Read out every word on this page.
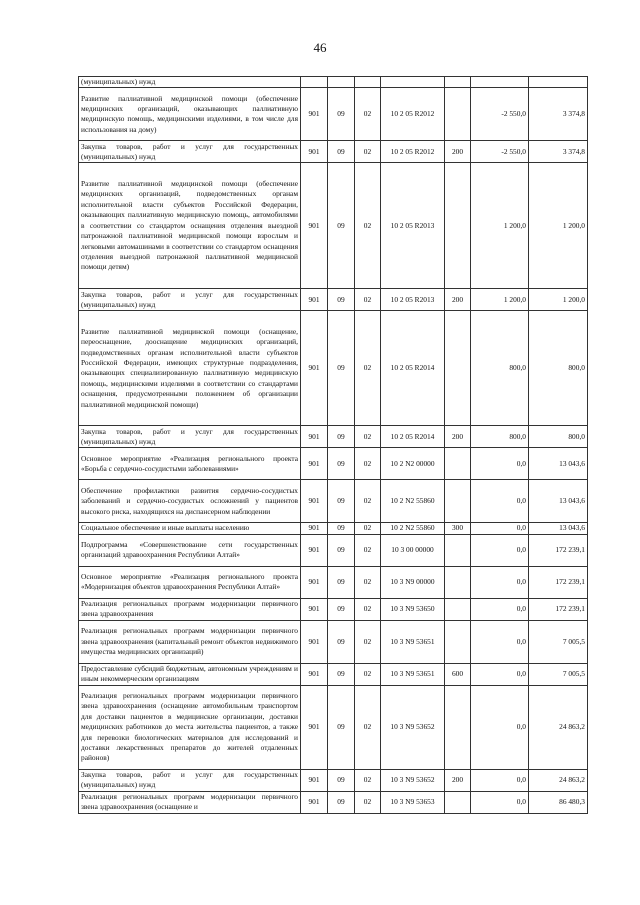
46
(муниципальных) нужд							
Развитие паллиативной медицинской помощи (обеспечение медицинских организаций, оказывающих паллиативную медицинскую помощь, медицинскими изделиями, в том числе для использования на дому)	901	09	02	10 2 05 R2012		-2 550,0	3 374,8
Закупка товаров, работ и услуг для государственных (муниципальных) нужд	901	09	02	10 2 05 R2012	200	-2 550,0	3 374,8
Развитие паллиативной медицинской помощи (обеспечение медицинских организаций, подведомственных органам исполнительной власти субъектов Российской Федерации, оказывающих паллиативную медицинскую помощь, автомобилями в соответствии со стандартом оснащения отделения выездной патронажной паллиативной медицинской помощи взрослым и легковыми автомашинами в соответствии со стандартом оснащения отделения выездной патронажной паллиативной медицинской помощи детям)	901	09	02	10 2 05 R2013		1 200,0	1 200,0
Закупка товаров, работ и услуг для государственных (муниципальных) нужд	901	09	02	10 2 05 R2013	200	1 200,0	1 200,0
Развитие паллиативной медицинской помощи (оснащение, переоснащение, дооснащение медицинских организаций, подведомственных органам исполнительной власти субъектов Российской Федерации, имеющих структурные подразделения, оказывающих специализированную паллиативную медицинскую помощь, медицинскими изделиями в соответствии со стандартами оснащения, предусмотренными положением об организации паллиативной медицинской помощи)	901	09	02	10 2 05 R2014		800,0	800,0
Закупка товаров, работ и услуг для государственных (муниципальных) нужд	901	09	02	10 2 05 R2014	200	800,0	800,0
Основное мероприятие «Реализация регионального проекта «Борьба с сердечно-сосудистыми заболеваниями»	901	09	02	10 2 N2 00000		0,0	13 043,6
Обеспечение профилактики развития сердечно-сосудистых заболеваний и сердечно-сосудистых осложнений у пациентов высокого риска, находящихся на диспансерном наблюдении	901	09	02	10 2 N2 55860		0,0	13 043,6
Социальное обеспечение и иные выплаты населению	901	09	02	10 2 N2 55860	300	0,0	13 043,6
Подпрограмма «Совершенствование сети государственных организаций здравоохранения Республики Алтай»	901	09	02	10 3 00 00000		0,0	172 239,1
Основное мероприятие «Реализация регионального проекта «Модернизация объектов здравоохранения Республики Алтай»	901	09	02	10 3 N9 00000		0,0	172 239,1
Реализация региональных программ модернизации первичного звена здравоохранения	901	09	02	10 3 N9 53650		0,0	172 239,1
Реализация региональных программ модернизации первичного звена здравоохранения (капитальный ремонт объектов недвижимого имущества медицинских организаций)	901	09	02	10 3 N9 53651		0,0	7 005,5
Предоставление субсидий бюджетным, автономным учреждениям и иным некоммерческим организациям	901	09	02	10 3 N9 53651	600	0,0	7 005,5
Реализация региональных программ модернизации первичного звена здравоохранения (оснащение автомобильным транспортом для доставки пациентов в медицинские организации, доставки медицинских работников до места жительства пациентов, а также для перевозки биологических материалов для исследований и доставки лекарственных препаратов до жителей отдаленных районов)	901	09	02	10 3 N9 53652		0,0	24 863,2
Закупка товаров, работ и услуг для государственных (муниципальных) нужд	901	09	02	10 3 N9 53652	200	0,0	24 863,2
Реализация региональных программ модернизации первичного звена здравоохранения (оснащение и	901	09	02	10 3 N9 53653		0,0	86 480,3
